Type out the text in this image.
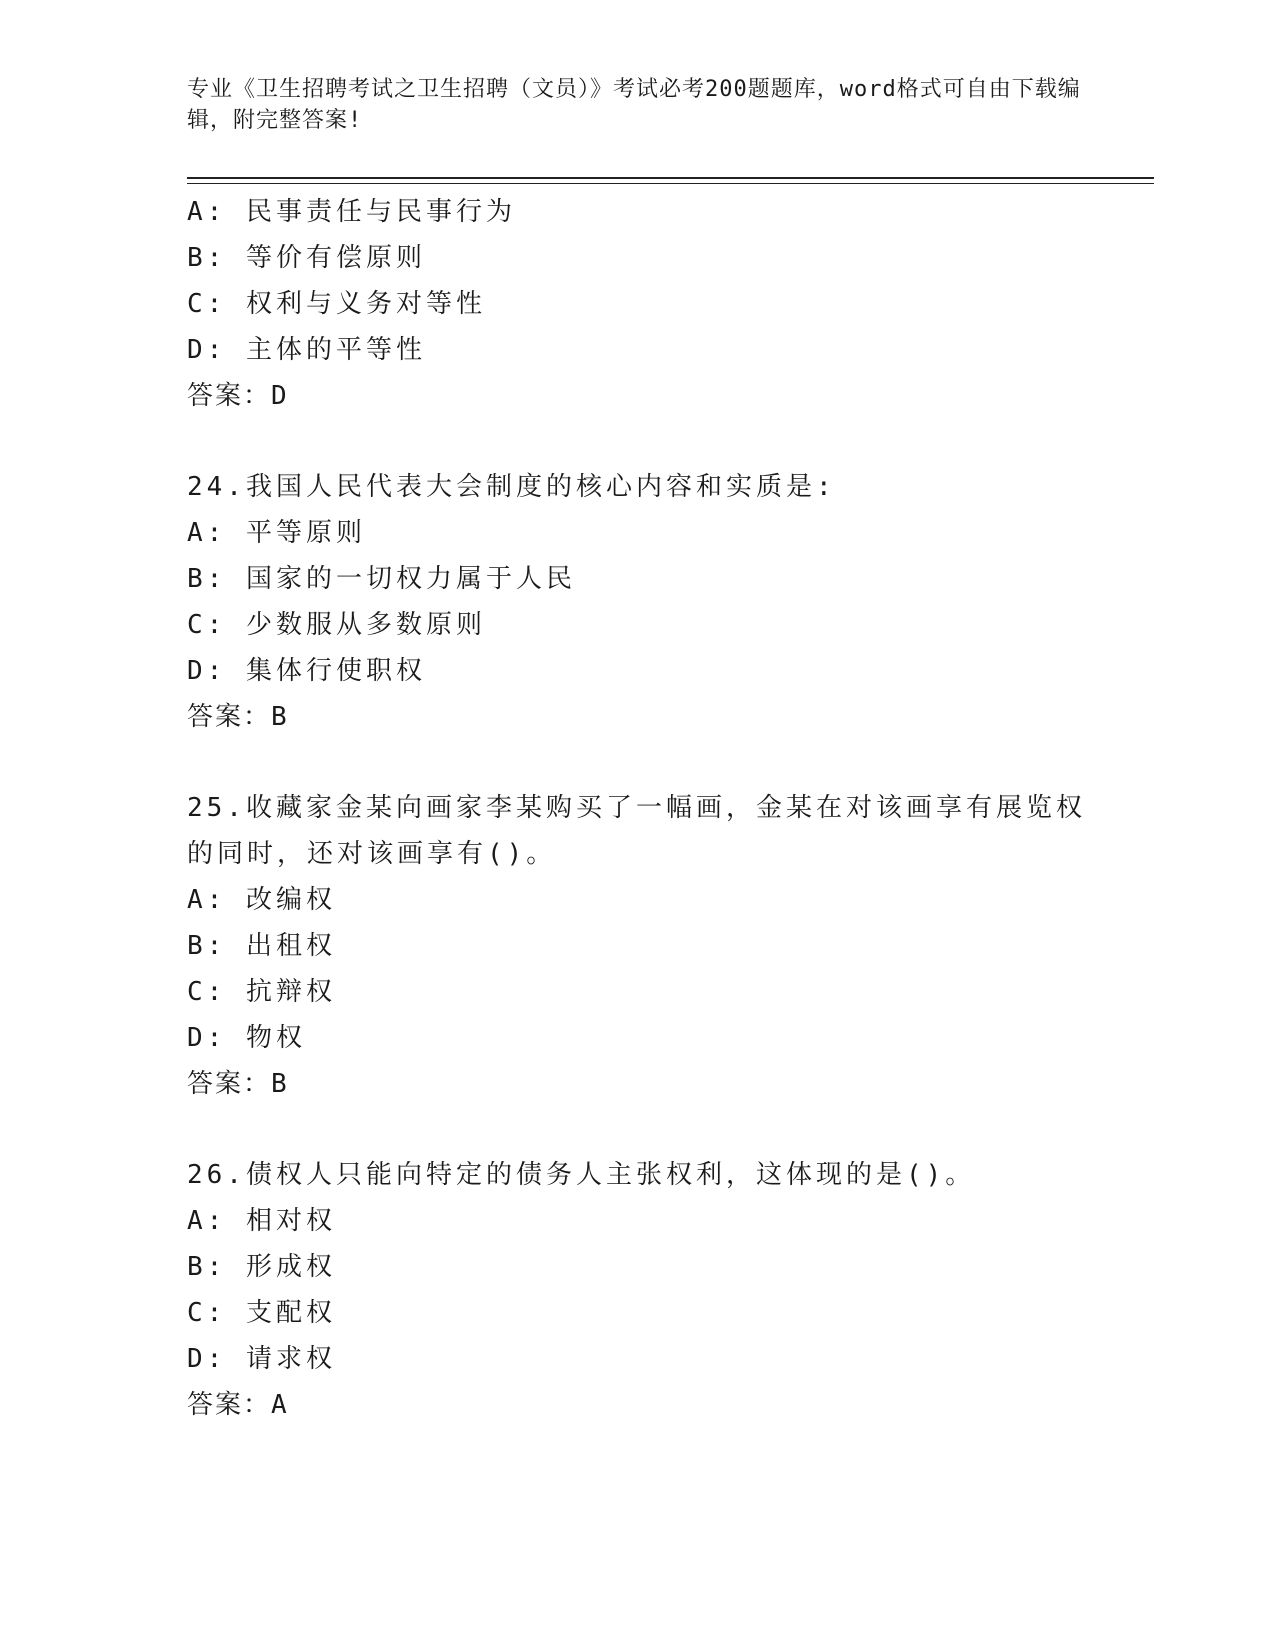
专业《卫生招聘考试之卫生招聘（文员）》考试必考200题题库，word格式可自由下载编辑，附完整答案!
A: 民事责任与民事行为
B: 等价有偿原则
C: 权利与义务对等性
D: 主体的平等性
答案：D
24.我国人民代表大会制度的核心内容和实质是:
A: 平等原则
B: 国家的一切权力属于人民
C: 少数服从多数原则
D: 集体行使职权
答案：B
25.收藏家金某向画家李某购买了一幅画，金某在对该画享有展览权的同时，还对该画享有()。
A: 改编权
B: 出租权
C: 抗辩权
D: 物权
答案：B
26.债权人只能向特定的债务人主张权利，这体现的是()。
A: 相对权
B: 形成权
C: 支配权
D: 请求权
答案：A
